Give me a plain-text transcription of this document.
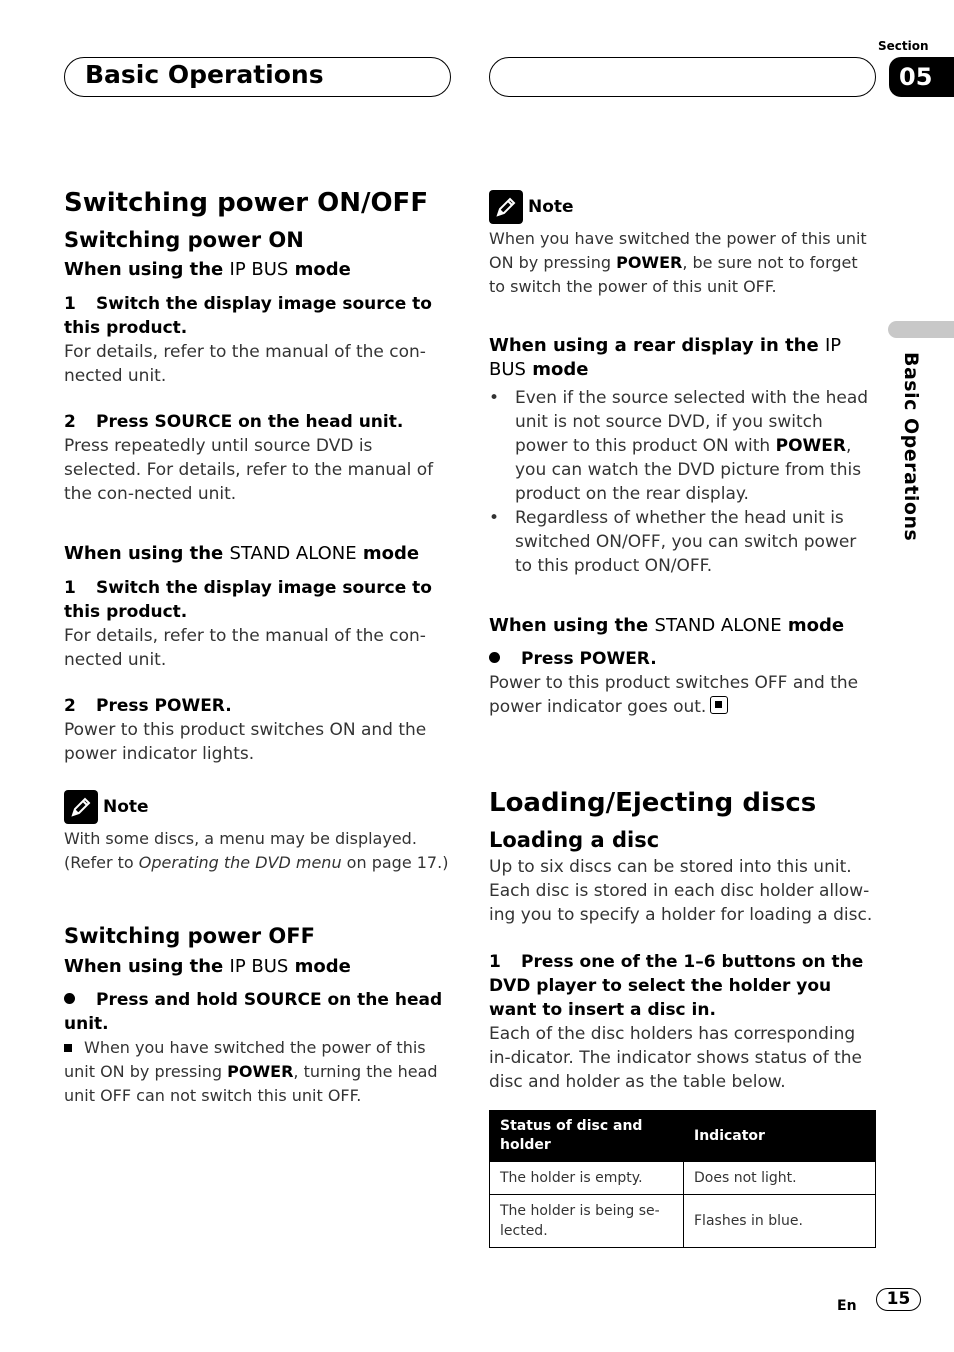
Basic Operations
Section
05
Basic Operations
Switching power ON/OFF
Switching power ON
When using the IP BUS mode
1 Switch the display image source to this product.

For details, refer to the manual of the con-nected unit.

2 Press SOURCE on the head unit.

Press repeatedly until source DVD is selected. For details, refer to the manual of the con-nected unit.

When using the STAND ALONE mode
1 Switch the display image source to this product.

For details, refer to the manual of the con-nected unit.

2 Press POWER.

Power to this product switches ON and the power indicator lights.

Note

With some discs, a menu may be displayed. (Refer to Operating the DVD menu on page 17.)

Switching power OFF
When using the IP BUS mode
Press and hold SOURCE on the head unit.

When you have switched the power of this unit ON by pressing POWER, turning the head unit OFF can not switch this unit OFF.

Note

When you have switched the power of this unit ON by pressing POWER, be sure not to forget to switch the power of this unit OFF.

When using a rear display in the IP BUS mode
• Even if the source selected with the head unit is not source DVD, if you switch power to this product ON with POWER, you can watch the DVD picture from this product on the rear display.
• Regardless of whether the head unit is switched ON/OFF, you can switch power to this product ON/OFF.
When using the STAND ALONE mode
Press POWER.

Power to this product switches OFF and the power indicator goes out.

Loading/Ejecting discs
Loading a disc

Up to six discs can be stored into this unit. Each disc is stored in each disc holder allow-ing you to specify a holder for loading a disc.

1 Press one of the 1–6 buttons on the DVD player to select the holder you want to insert a disc in.

Each of the disc holders has corresponding in-dicator. The indicator shows status of the disc and holder as the table below.

Status of disc and holder	Indicator
The holder is empty.	Does not light.
The holder is being se-lected.	Flashes in blue.
En	15
